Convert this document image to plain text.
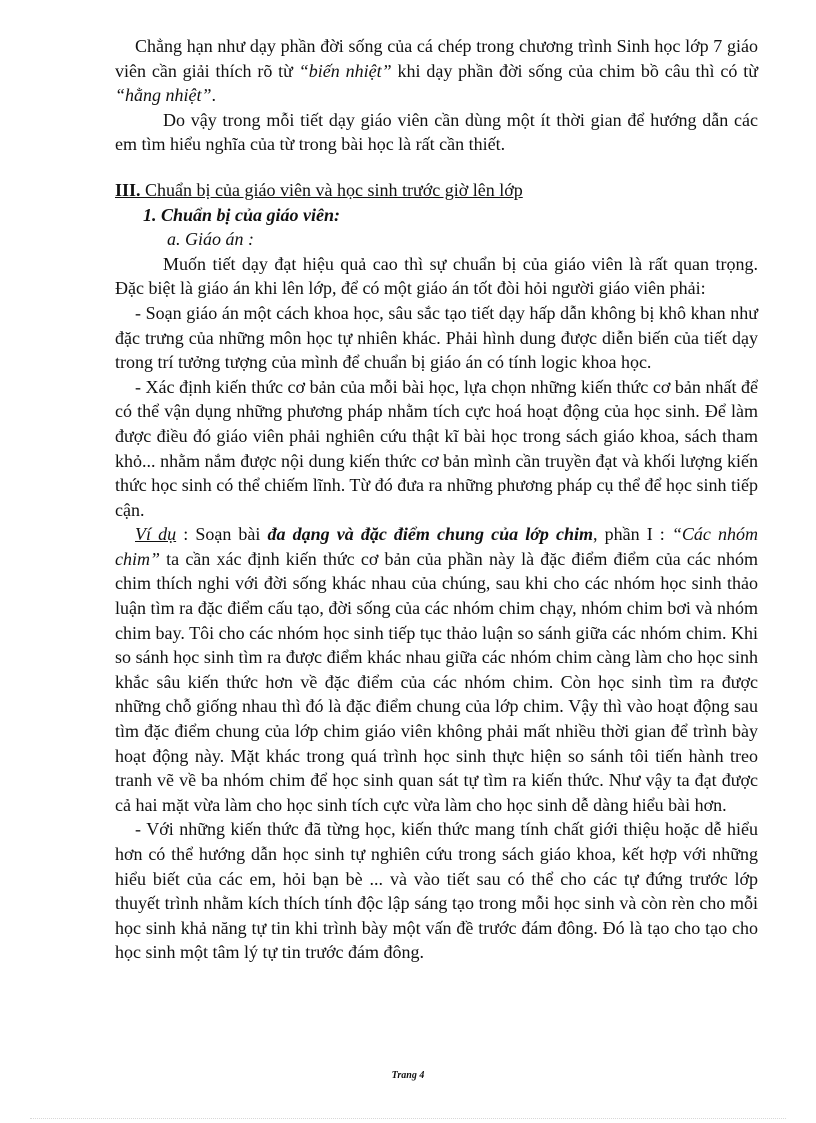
Chẳng hạn như dạy phần đời sống của cá chép trong chương trình Sinh học lớp 7 giáo viên cần giải thích rõ từ “biến nhiệt” khi dạy phần đời sống của chim bồ câu thì có từ “hằng nhiệt”.

Do vậy trong mỗi tiết dạy giáo viên cần dùng một ít thời gian để hướng dẫn các em tìm hiểu nghĩa của từ trong bài học là rất cần thiết.

III. Chuẩn bị của giáo viên và học sinh trước giờ lên lớp

1. Chuẩn bị của giáo viên:

a. Giáo án :

Muốn tiết dạy đạt hiệu quả cao thì sự chuẩn bị của giáo viên là rất quan trọng. Đặc biệt là giáo án khi lên lớp, để có một giáo án tốt đòi hỏi người giáo viên phải:

- Soạn giáo án một cách khoa học, sâu sắc tạo tiết dạy hấp dẫn không bị khô khan như đặc trưng của những môn học tự nhiên khác. Phải hình dung được diễn biến của tiết dạy trong trí tưởng tượng của mình để chuẩn bị giáo án có tính logic khoa học.

- Xác định kiến thức cơ bản của mỗi bài học, lựa chọn những kiến thức cơ bản nhất để có thể vận dụng những phương pháp nhằm tích cực hoá hoạt động của học sinh. Để làm được điều đó giáo viên phải nghiên cứu thật kĩ bài học trong sách giáo khoa, sách tham khỏ... nhằm nắm được nội dung kiến thức cơ bản mình cần truyền đạt và khối lượng kiến thức học sinh có thể chiếm lĩnh. Từ đó đưa ra những phương pháp cụ thể để học sinh tiếp cận.

Ví dụ : Soạn bài đa dạng và đặc điểm chung của lớp chim, phần I : “Các nhóm chim” ta cần xác định kiến thức cơ bản của phần này là đặc điểm điểm của các nhóm chim thích nghi với đời sống khác nhau của chúng, sau khi cho các nhóm học sinh thảo luận tìm ra đặc điểm cấu tạo, đời sống của các nhóm chim chạy, nhóm chim bơi và nhóm chim bay. Tôi cho các nhóm học sinh tiếp tục thảo luận so sánh giữa các nhóm chim. Khi so sánh học sinh tìm ra được điểm khác nhau giữa các nhóm chim càng làm cho học sinh khắc sâu kiến thức hơn về đặc điểm của các nhóm chim. Còn học sinh tìm ra được những chỗ giống nhau thì đó là đặc điểm chung của lớp chim. Vậy thì vào hoạt động sau tìm đặc điểm chung của lớp chim giáo viên không phải mất nhiều thời gian để trình bày hoạt động này. Mặt khác trong quá trình học sinh thực hiện so sánh tôi tiến hành treo tranh vẽ về ba nhóm chim để học sinh quan sát tự tìm ra kiến thức. Như vậy ta đạt được cả hai mặt vừa làm cho học sinh tích cực vừa làm cho học sinh dễ dàng hiểu bài hơn.

- Với những kiến thức đã từng học, kiến thức mang tính chất giới thiệu hoặc dễ hiểu hơn có thể hướng dẫn học sinh tự nghiên cứu trong sách giáo khoa, kết hợp với những hiểu biết của các em, hỏi bạn bè ... và vào tiết sau có thể cho các tự đứng trước lớp thuyết trình nhằm kích thích tính độc lập sáng tạo trong mỗi học sinh và còn rèn cho mỗi học sinh khả năng tự tin khi trình bày một vấn đề trước đám đông. Đó là tạo cho tạo cho học sinh một tâm lý tự tin trước đám đông.

Trang 4
